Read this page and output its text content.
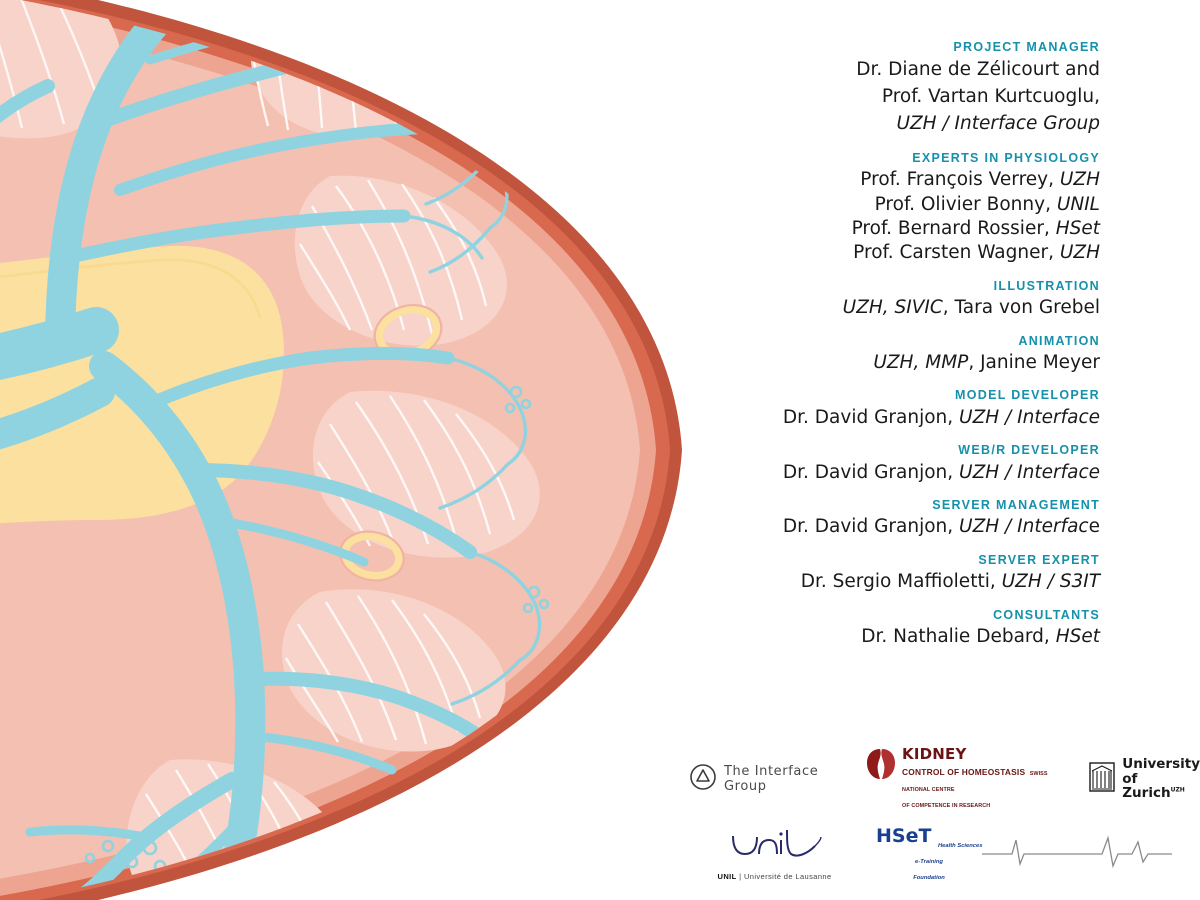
PROJECT MANAGER
Dr. Diane de Zélicourt and
Prof. Vartan Kurtcuoglu,
UZH / Interface Group
EXPERTS IN PHYSIOLOGY
Prof. François Verrey, UZH
Prof. Olivier Bonny, UNIL
Prof. Bernard Rossier, HSet
Prof. Carsten Wagner, UZH
ILLUSTRATION
UZH, SIVIC, Tara von Grebel
ANIMATION
UZH, MMP, Janine Meyer
MODEL DEVELOPER
Dr. David Granjon, UZH / Interface
WEB/R DEVELOPER
Dr. David Granjon, UZH / Interface
SERVER MANAGEMENT
Dr. David Granjon, UZH / Interface
SERVER EXPERT
Dr. Sergio Maffioletti, UZH / S3IT
CONSULTANTS
Dr. Nathalie Debard, HSet
The Interface Group
KIDNEY
CONTROL OF HOMEOSTASIS SWISS NATIONAL CENTRE
OF COMPETENCE IN RESEARCH
University of
Zurich$^{UZH}$
UNIL | Université de Lausanne
HSeT Health Sciences
e-Training
Foundation
